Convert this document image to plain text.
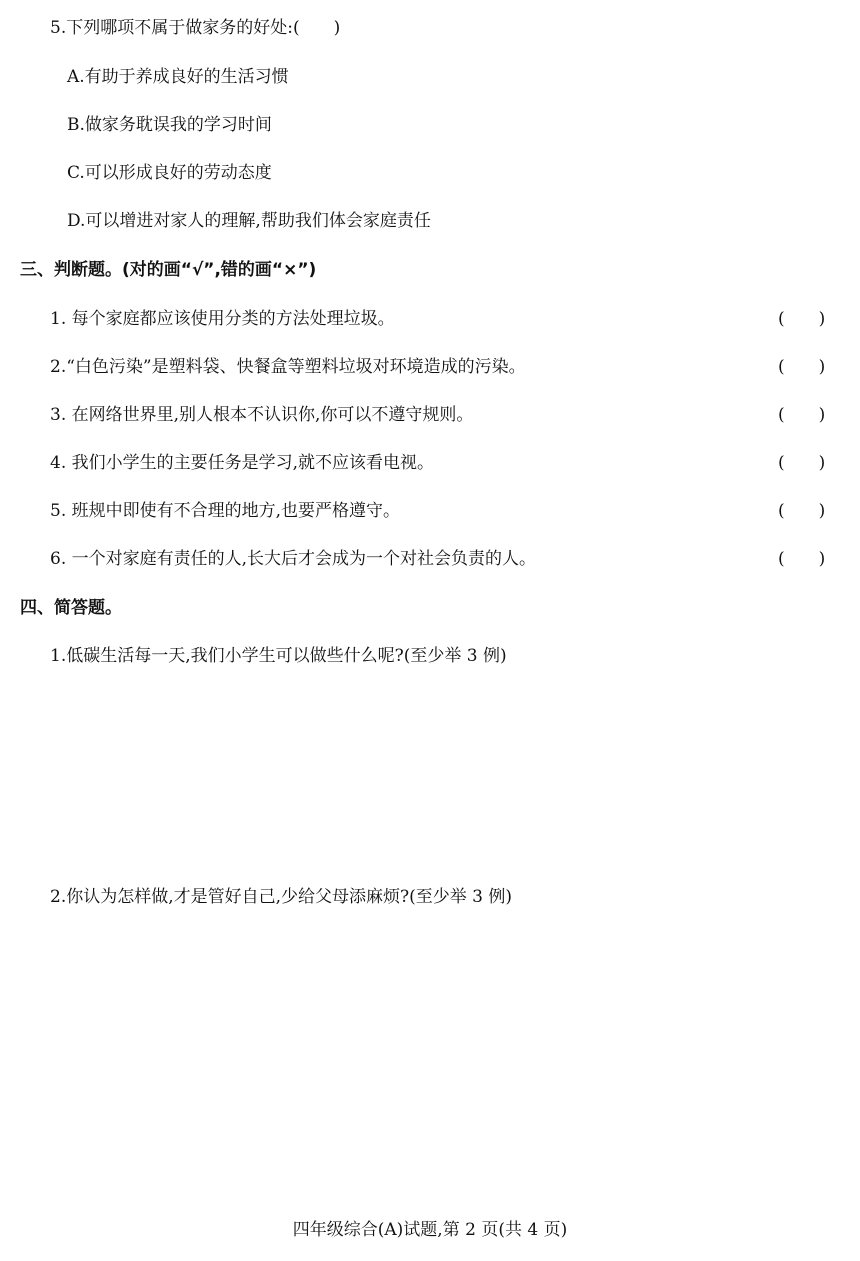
5.下列哪项不属于做家务的好处:(　　)
A.有助于养成良好的生活习惯
B.做家务耽误我的学习时间
C.可以形成良好的劳动态度
D.可以增进对家人的理解,帮助我们体会家庭责任
三、判断题。(对的画“√”,错的画“×”)
1. 每个家庭都应该使用分类的方法处理垃圾。	(　　)
2.“白色污染”是塑料袋、快餐盒等塑料垃圾对环境造成的污染。	(　　)
3. 在网络世界里,别人根本不认识你,你可以不遵守规则。	(　　)
4. 我们小学生的主要任务是学习,就不应该看电视。	(　　)
5. 班规中即使有不合理的地方,也要严格遵守。	(　　)
6. 一个对家庭有责任的人,长大后才会成为一个对社会负责的人。	(　　)
四、简答题。
1.低碳生活每一天,我们小学生可以做些什么呢?(至少举 3 例)
2.你认为怎样做,才是管好自己,少给父母添麻烦?(至少举 3 例)
四年级综合(A)试题,第 2 页(共 4 页)
